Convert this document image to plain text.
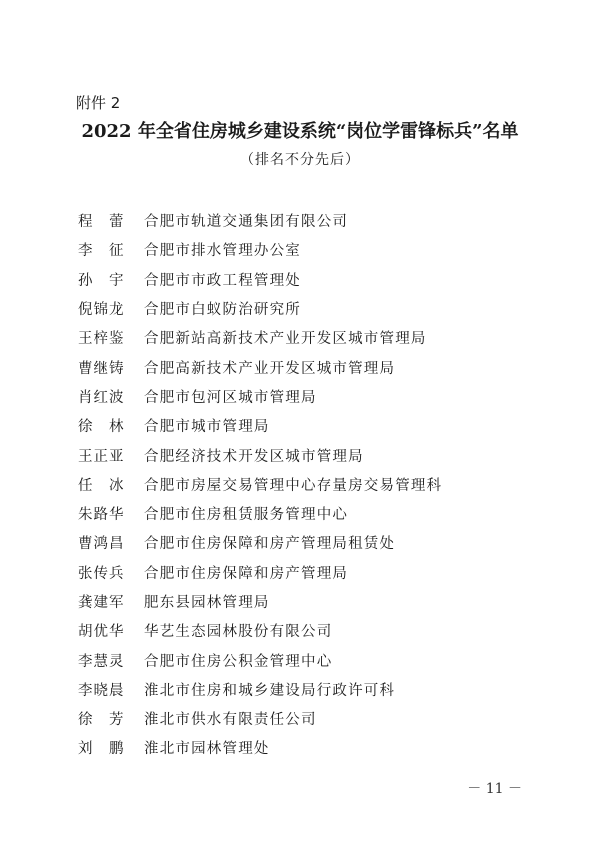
附件 2
2022 年全省住房城乡建设系统“岗位学雷锋标兵”名单
（排名不分先后）
程　蕾	合肥市轨道交通集团有限公司
李　征	合肥市排水管理办公室
孙　宇	合肥市市政工程管理处
倪锦龙	合肥市白蚁防治研究所
王梓鉴	合肥新站高新技术产业开发区城市管理局
曹继铸	合肥高新技术产业开发区城市管理局
肖红波	合肥市包河区城市管理局
徐　林	合肥市城市管理局
王正亚	合肥经济技术开发区城市管理局
任　冰	合肥市房屋交易管理中心存量房交易管理科
朱路华	合肥市住房租赁服务管理中心
曹鸿昌	合肥市住房保障和房产管理局租赁处
张传兵	合肥市住房保障和房产管理局
龚建军	肥东县园林管理局
胡优华	华艺生态园林股份有限公司
李慧灵	合肥市住房公积金管理中心
李晓晨	淮北市住房和城乡建设局行政许可科
徐　芳	淮北市供水有限责任公司
刘　鹏	淮北市园林管理处
－ 11 －
